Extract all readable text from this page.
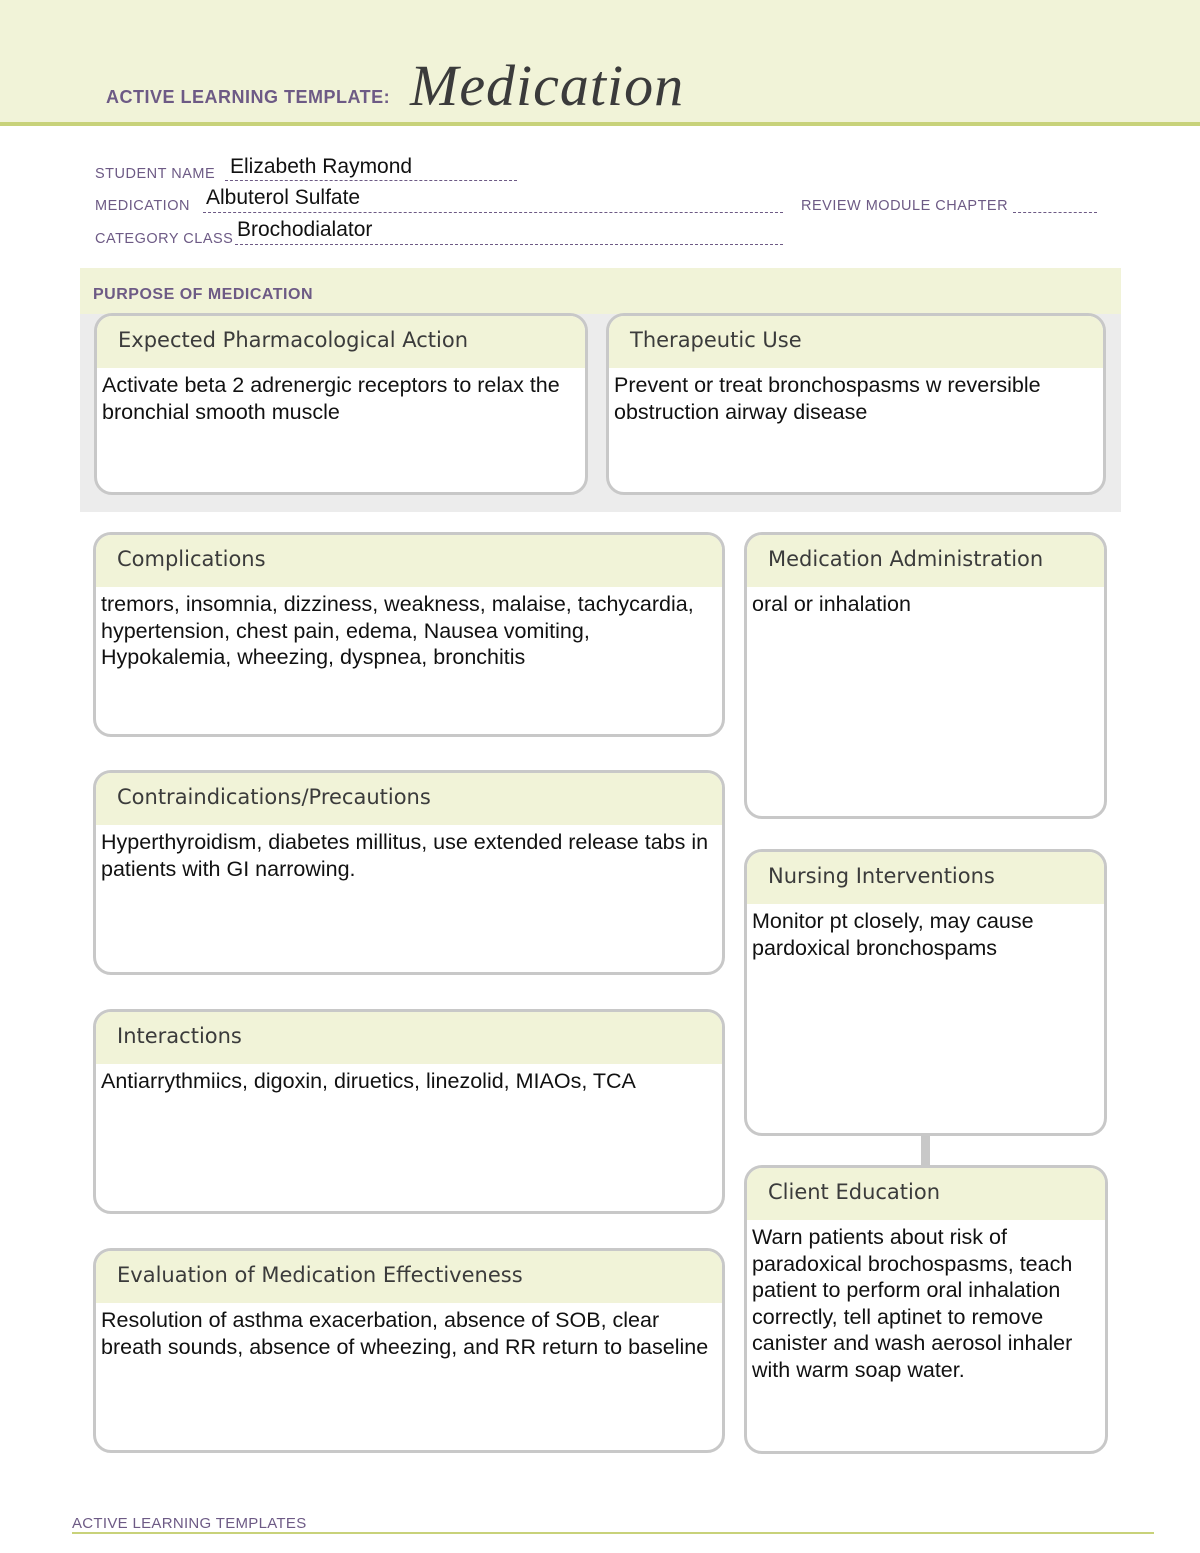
ACTIVE LEARNING TEMPLATE: Medication
STUDENT NAME Elizabeth Raymond
MEDICATION Albuterol Sulfate	REVIEW MODULE CHAPTER
CATEGORY CLASS Brochodialator
PURPOSE OF MEDICATION
Expected Pharmacological Action
Activate beta 2 adrenergic receptors to relax the bronchial smooth muscle
Therapeutic Use
Prevent or treat bronchospasms w reversible obstruction airway disease
Complications
tremors, insomnia, dizziness, weakness, malaise, tachycardia, hypertension, chest pain, edema, Nausea vomiting, Hypokalemia, wheezing, dyspnea, bronchitis
Contraindications/Precautions
Hyperthyroidism, diabetes millitus, use extended release tabs in patients with GI narrowing.
Interactions
Antiarrythmiics, digoxin, diruetics, linezolid, MIAOs, TCA
Evaluation of Medication Effectiveness
Resolution of asthma exacerbation, absence of SOB, clear breath sounds, absence of wheezing, and RR return to baseline
Medication Administration
oral or inhalation
Nursing Interventions
Monitor pt closely, may cause pardoxical bronchospams
Client Education
Warn patients about risk of paradoxical brochospasms, teach patient to perform oral inhalation correctly, tell aptinet to remove canister and wash aerosol inhaler with warm soap water.
ACTIVE LEARNING TEMPLATES
